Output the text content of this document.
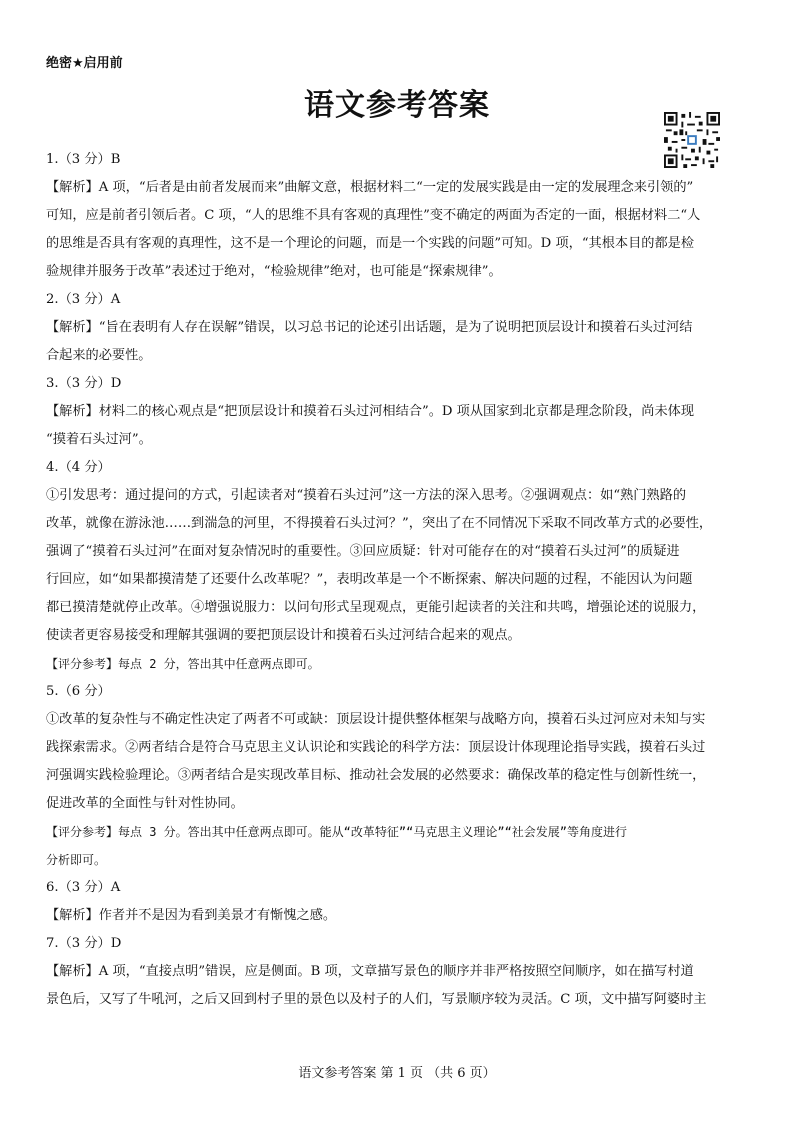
绝密★启用前
语文参考答案
1.（3 分）B
【解析】A 项，“后者是由前者发展而来”曲解文意，根据材料二“一定的发展实践是由一定的发展理念来引领的”
可知，应是前者引领后者。C 项，“人的思维不具有客观的真理性”变不确定的两面为否定的一面，根据材料二“人
的思维是否具有客观的真理性，这不是一个理论的问题，而是一个实践的问题”可知。D 项，“其根本目的都是检
验规律并服务于改革”表述过于绝对，“检验规律”绝对，也可能是“探索规律”。
2.（3 分）A
【解析】“旨在表明有人存在误解”错误，以习总书记的论述引出话题，是为了说明把顶层设计和摸着石头过河结
合起来的必要性。
3.（3 分）D
【解析】材料二的核心观点是“把顶层设计和摸着石头过河相结合”。D 项从国家到北京都是理念阶段，尚未体现
“摸着石头过河”。
4.（4 分）
①引发思考：通过提问的方式，引起读者对“摸着石头过河”这一方法的深入思考。②强调观点：如“熟门熟路的
改革，就像在游泳池……到湍急的河里，不得摸着石头过河？”，突出了在不同情况下采取不同改革方式的必要性，
强调了“摸着石头过河”在面对复杂情况时的重要性。③回应质疑：针对可能存在的对“摸着石头过河”的质疑进
行回应，如“如果都摸清楚了还要什么改革呢？”，表明改革是一个不断探索、解决问题的过程，不能因认为问题
都已摸清楚就停止改革。④增强说服力：以问句形式呈现观点，更能引起读者的关注和共鸣，增强论述的说服力，
使读者更容易接受和理解其强调的要把顶层设计和摸着石头过河结合起来的观点。
【评分参考】每点 2 分，答出其中任意两点即可。
5.（6 分）
①改革的复杂性与不确定性决定了两者不可或缺：顶层设计提供整体框架与战略方向，摸着石头过河应对未知与实
践探索需求。②两者结合是符合马克思主义认识论和实践论的科学方法：顶层设计体现理论指导实践，摸着石头过
河强调实践检验理论。③两者结合是实现改革目标、推动社会发展的必然要求：确保改革的稳定性与创新性统一，
促进改革的全面性与针对性协同。
【评分参考】每点 3 分。答出其中任意两点即可。能从“改革特征”“马克思主义理论”“社会发展”等角度进行
分析即可。
6.（3 分）A
【解析】作者并不是因为看到美景才有惭愧之感。
7.（3 分）D
【解析】A 项，“直接点明”错误，应是侧面。B 项，文章描写景色的顺序并非严格按照空间顺序，如在描写村道
景色后，又写了牛吼河，之后又回到村子里的景色以及村子的人们，写景顺序较为灵活。C 项，文中描写阿婆时主
语文参考答案 第 1 页 （共 6 页）
